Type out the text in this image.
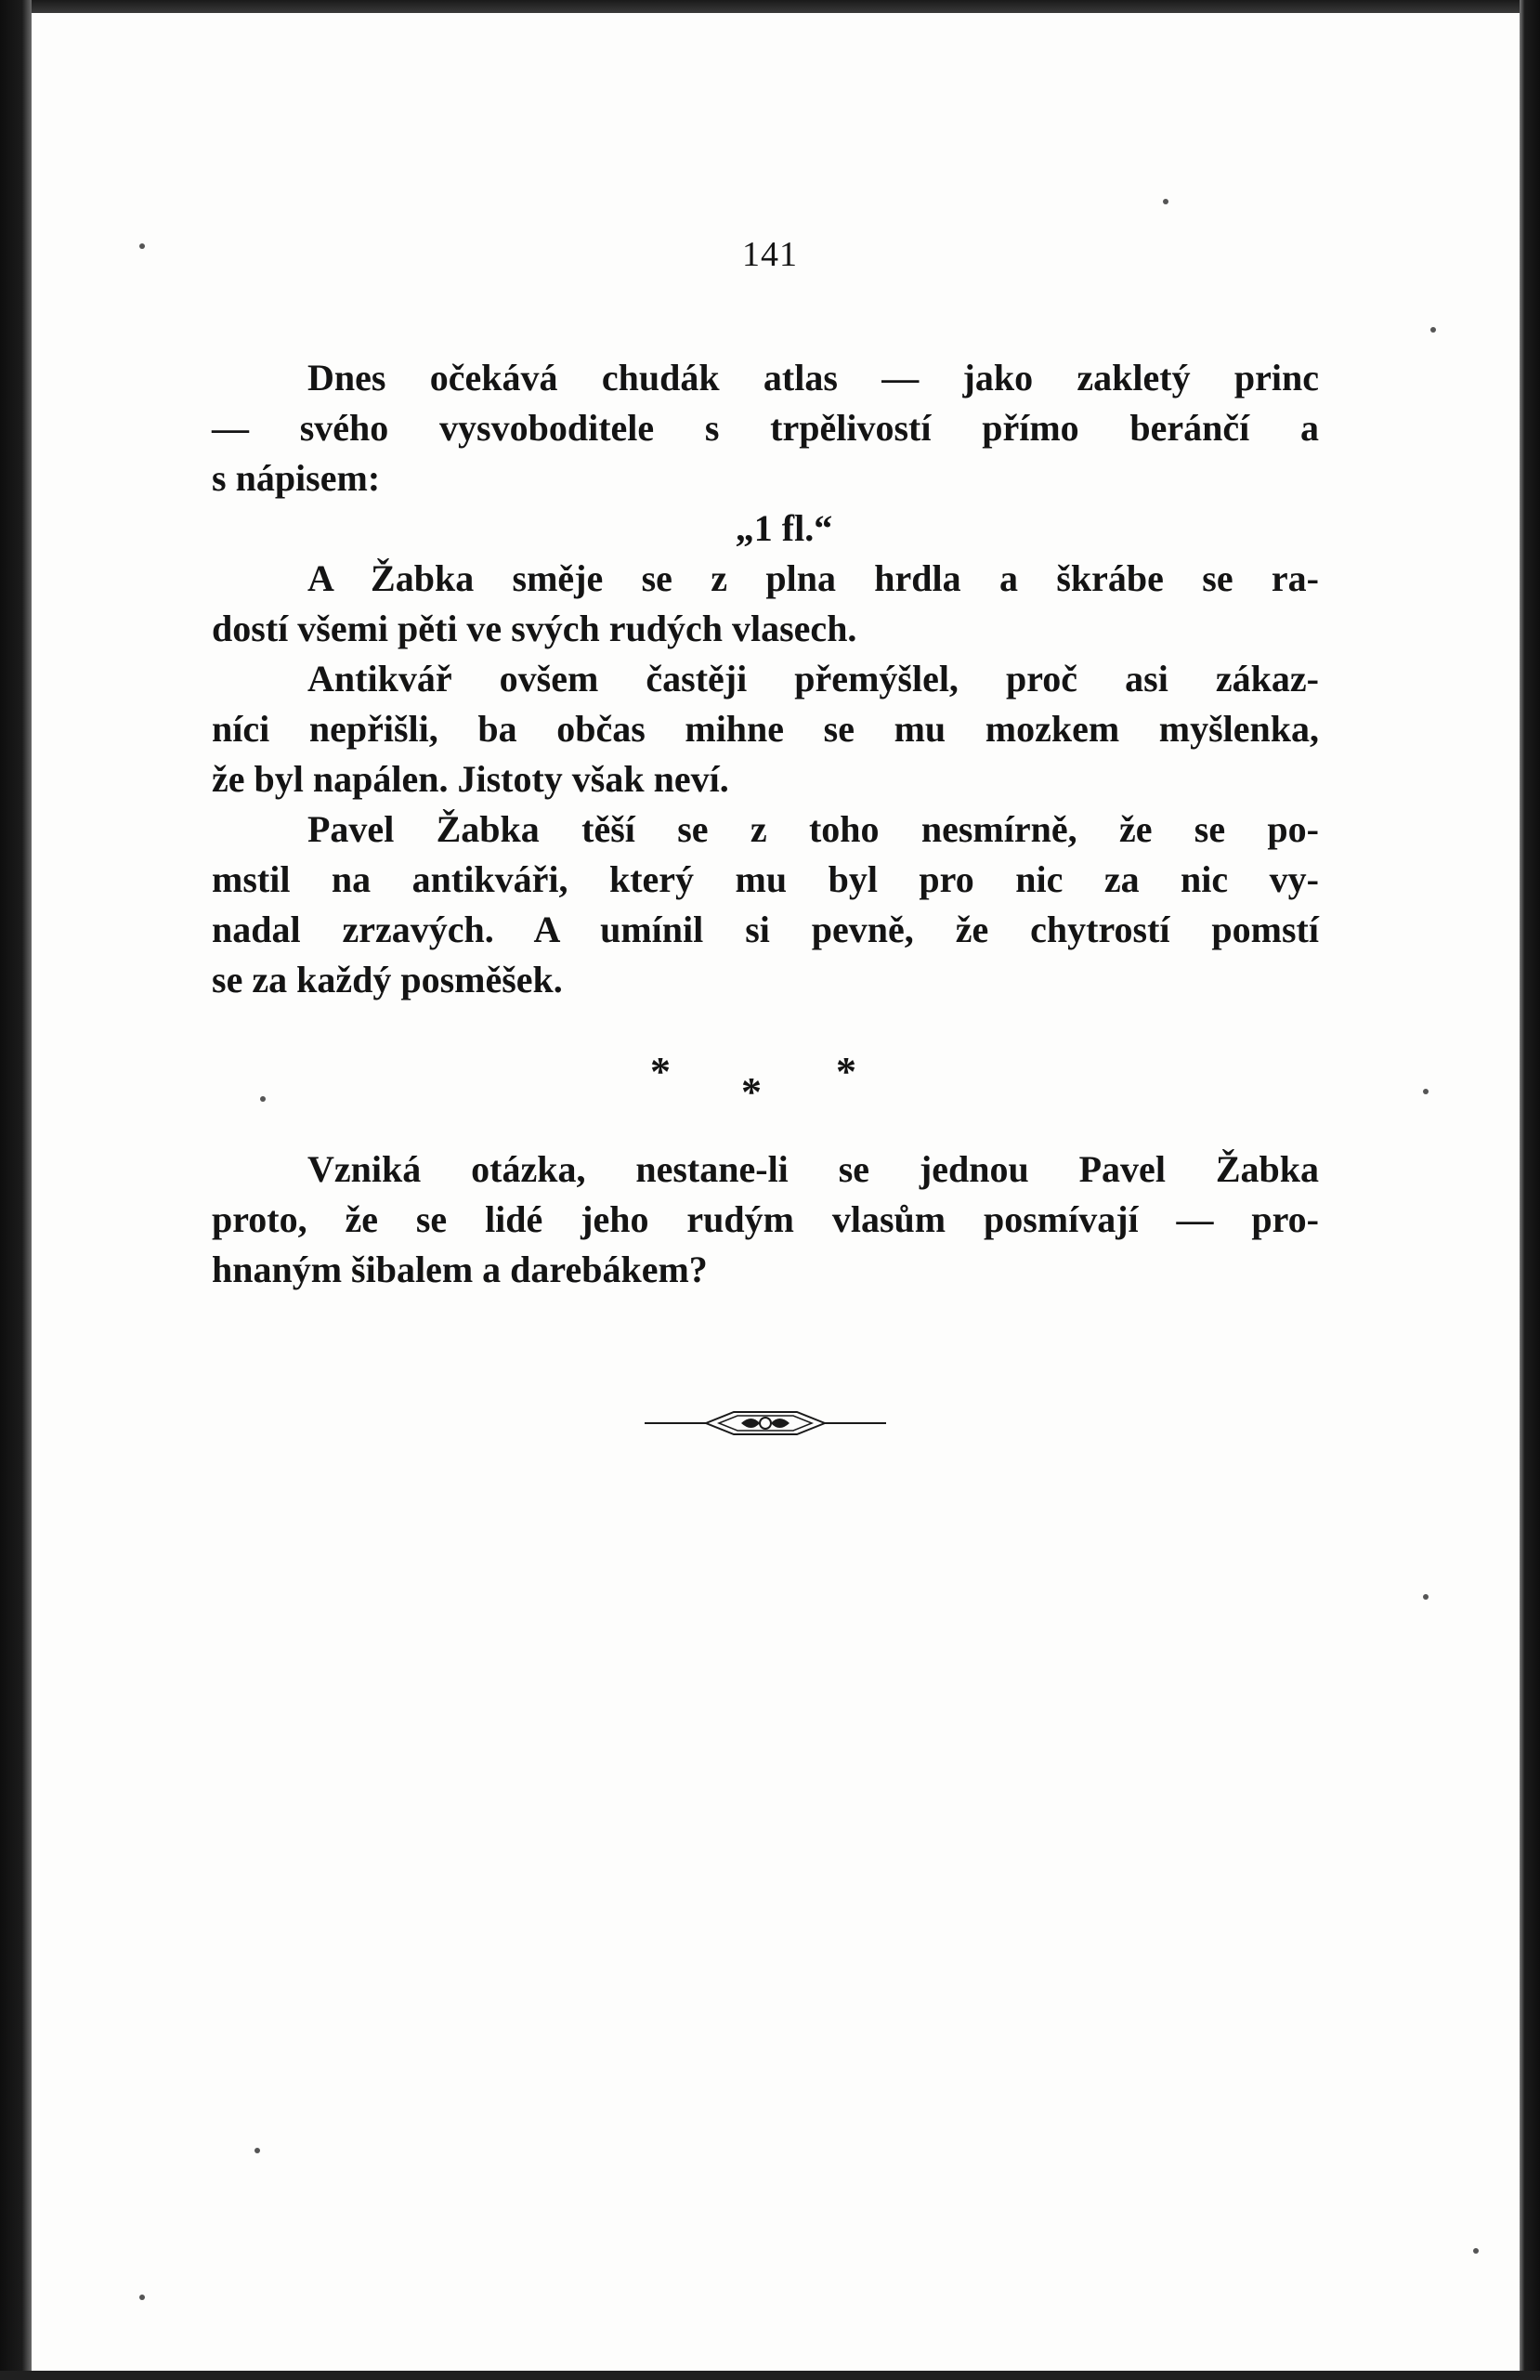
141
Dnes očekává chudák atlas — jako zakletý princ
— svého vysvoboditele s trpělivostí přímo beránčí a
s nápisem:
„1 fl.“
A Žabka směje se z plna hrdla a škrábe se ra-
dostí všemi pěti ve svých rudých vlasech.
Antikvář ovšem častěji přemýšlel, proč asi zákaz-
níci nepřišli, ba občas mihne se mu mozkem myšlenka,
že byl napálen. Jistoty však neví.
Pavel Žabka těší se z toho nesmírně, že se po-
mstil na antikváři, který mu byl pro nic za nic vy-
nadal zrzavých. A umínil si pevně, že chytrostí pomstí
se za každý posměšek.
* * *
Vzniká otázka, nestane-li se jednou Pavel Žabka
proto, že se lidé jeho rudým vlasům posmívají — pro-
hnaným šibalem a darebákem?
